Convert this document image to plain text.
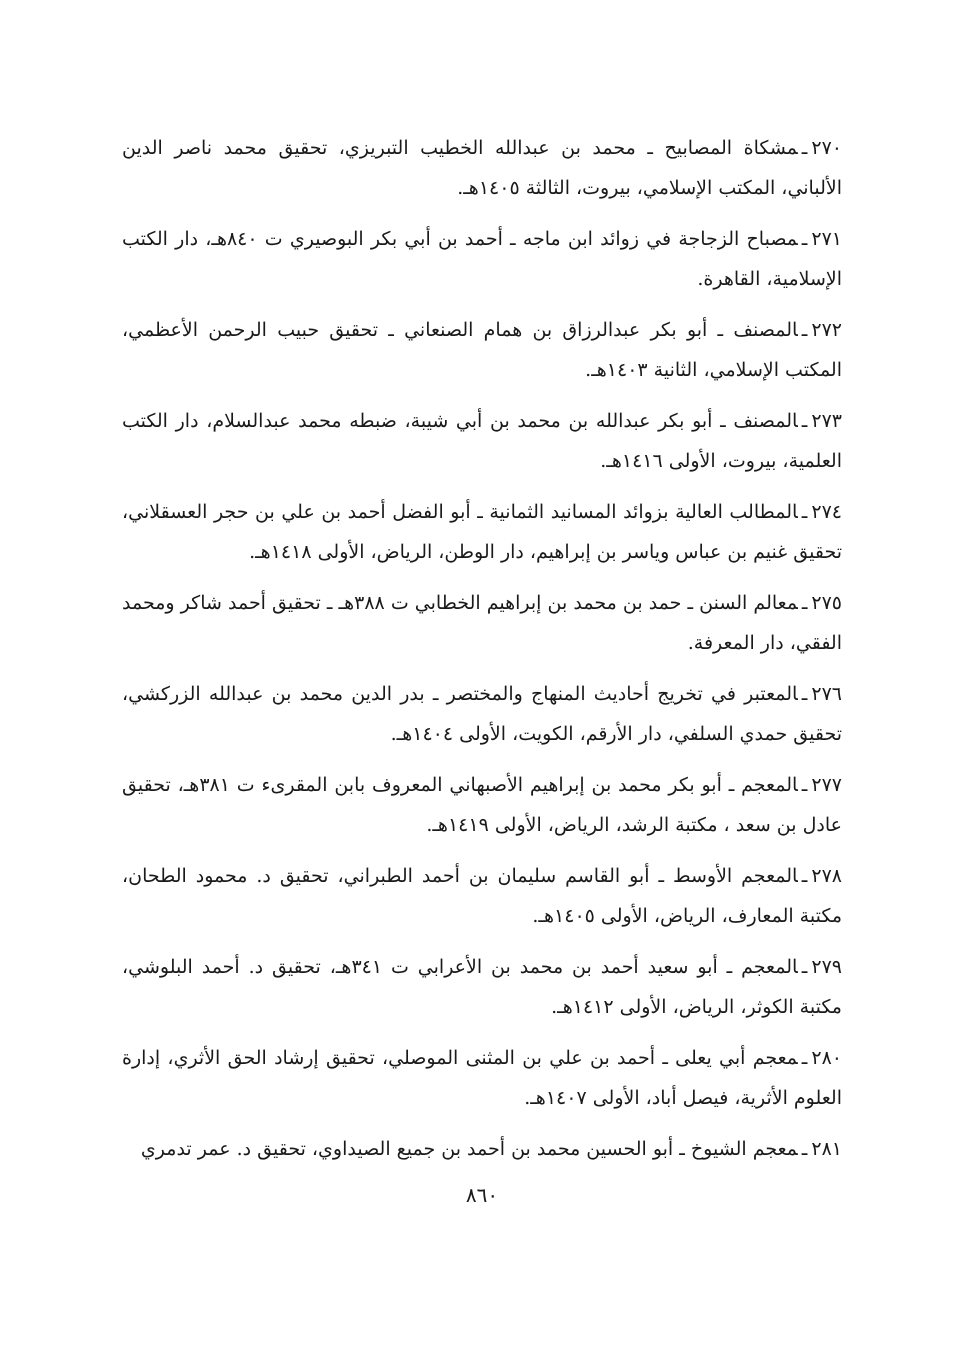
٢٧٠ـمشكاة المصابيح ـ محمد بن عبدالله الخطيب التبريزي، تحقيق محمد ناصر الدين الألباني، المكتب الإسلامي، بيروت، الثالثة ١٤٠٥هـ.
٢٧١ـمصباح الزجاجة في زوائد ابن ماجه ـ أحمد بن أبي بكر البوصيري ت ٨٤٠هـ، دار الكتب الإسلامية، القاهرة.
٢٧٢ـالمصنف ـ أبو بكر عبدالرزاق بن همام الصنعاني ـ تحقيق حبيب الرحمن الأعظمي، المكتب الإسلامي، الثانية ١٤٠٣هـ.
٢٧٣ـالمصنف ـ أبو بكر عبدالله بن محمد بن أبي شيبة، ضبطه محمد عبدالسلام، دار الكتب العلمية، بيروت، الأولى ١٤١٦هـ.
٢٧٤ـالمطالب العالية بزوائد المسانيد الثمانية ـ أبو الفضل أحمد بن علي بن حجر العسقلاني، تحقيق غنيم بن عباس وياسر بن إبراهيم، دار الوطن، الرياض، الأولى ١٤١٨هـ.
٢٧٥ـمعالم السنن ـ حمد بن محمد بن إبراهيم الخطابي ت ٣٨٨هـ ـ تحقيق أحمد شاكر ومحمد الفقي، دار المعرفة.
٢٧٦ـالمعتبر في تخريج أحاديث المنهاج والمختصر ـ بدر الدين محمد بن عبدالله الزركشي، تحقيق حمدي السلفي، دار الأرقم، الكويت، الأولى ١٤٠٤هـ.
٢٧٧ـالمعجم ـ أبو بكر محمد بن إبراهيم الأصبهاني المعروف بابن المقرىء ت ٣٨١هـ، تحقيق عادل بن سعد ، مكتبة الرشد، الرياض، الأولى ١٤١٩هـ.
٢٧٨ـالمعجم الأوسط ـ أبو القاسم سليمان بن أحمد الطبراني، تحقيق د. محمود الطحان، مكتبة المعارف، الرياض، الأولى ١٤٠٥هـ.
٢٧٩ـالمعجم ـ أبو سعيد أحمد بن محمد بن الأعرابي ت ٣٤١هـ، تحقيق د. أحمد البلوشي، مكتبة الكوثر، الرياض، الأولى ١٤١٢هـ.
٢٨٠ـمعجم أبي يعلى ـ أحمد بن علي بن المثنى الموصلي، تحقيق إرشاد الحق الأثري، إدارة العلوم الأثرية، فيصل أباد، الأولى ١٤٠٧هـ.
٢٨١ـمعجم الشيوخ ـ أبو الحسين محمد بن أحمد بن جميع الصيداوي، تحقيق د. عمر تدمري
٨٦٠
